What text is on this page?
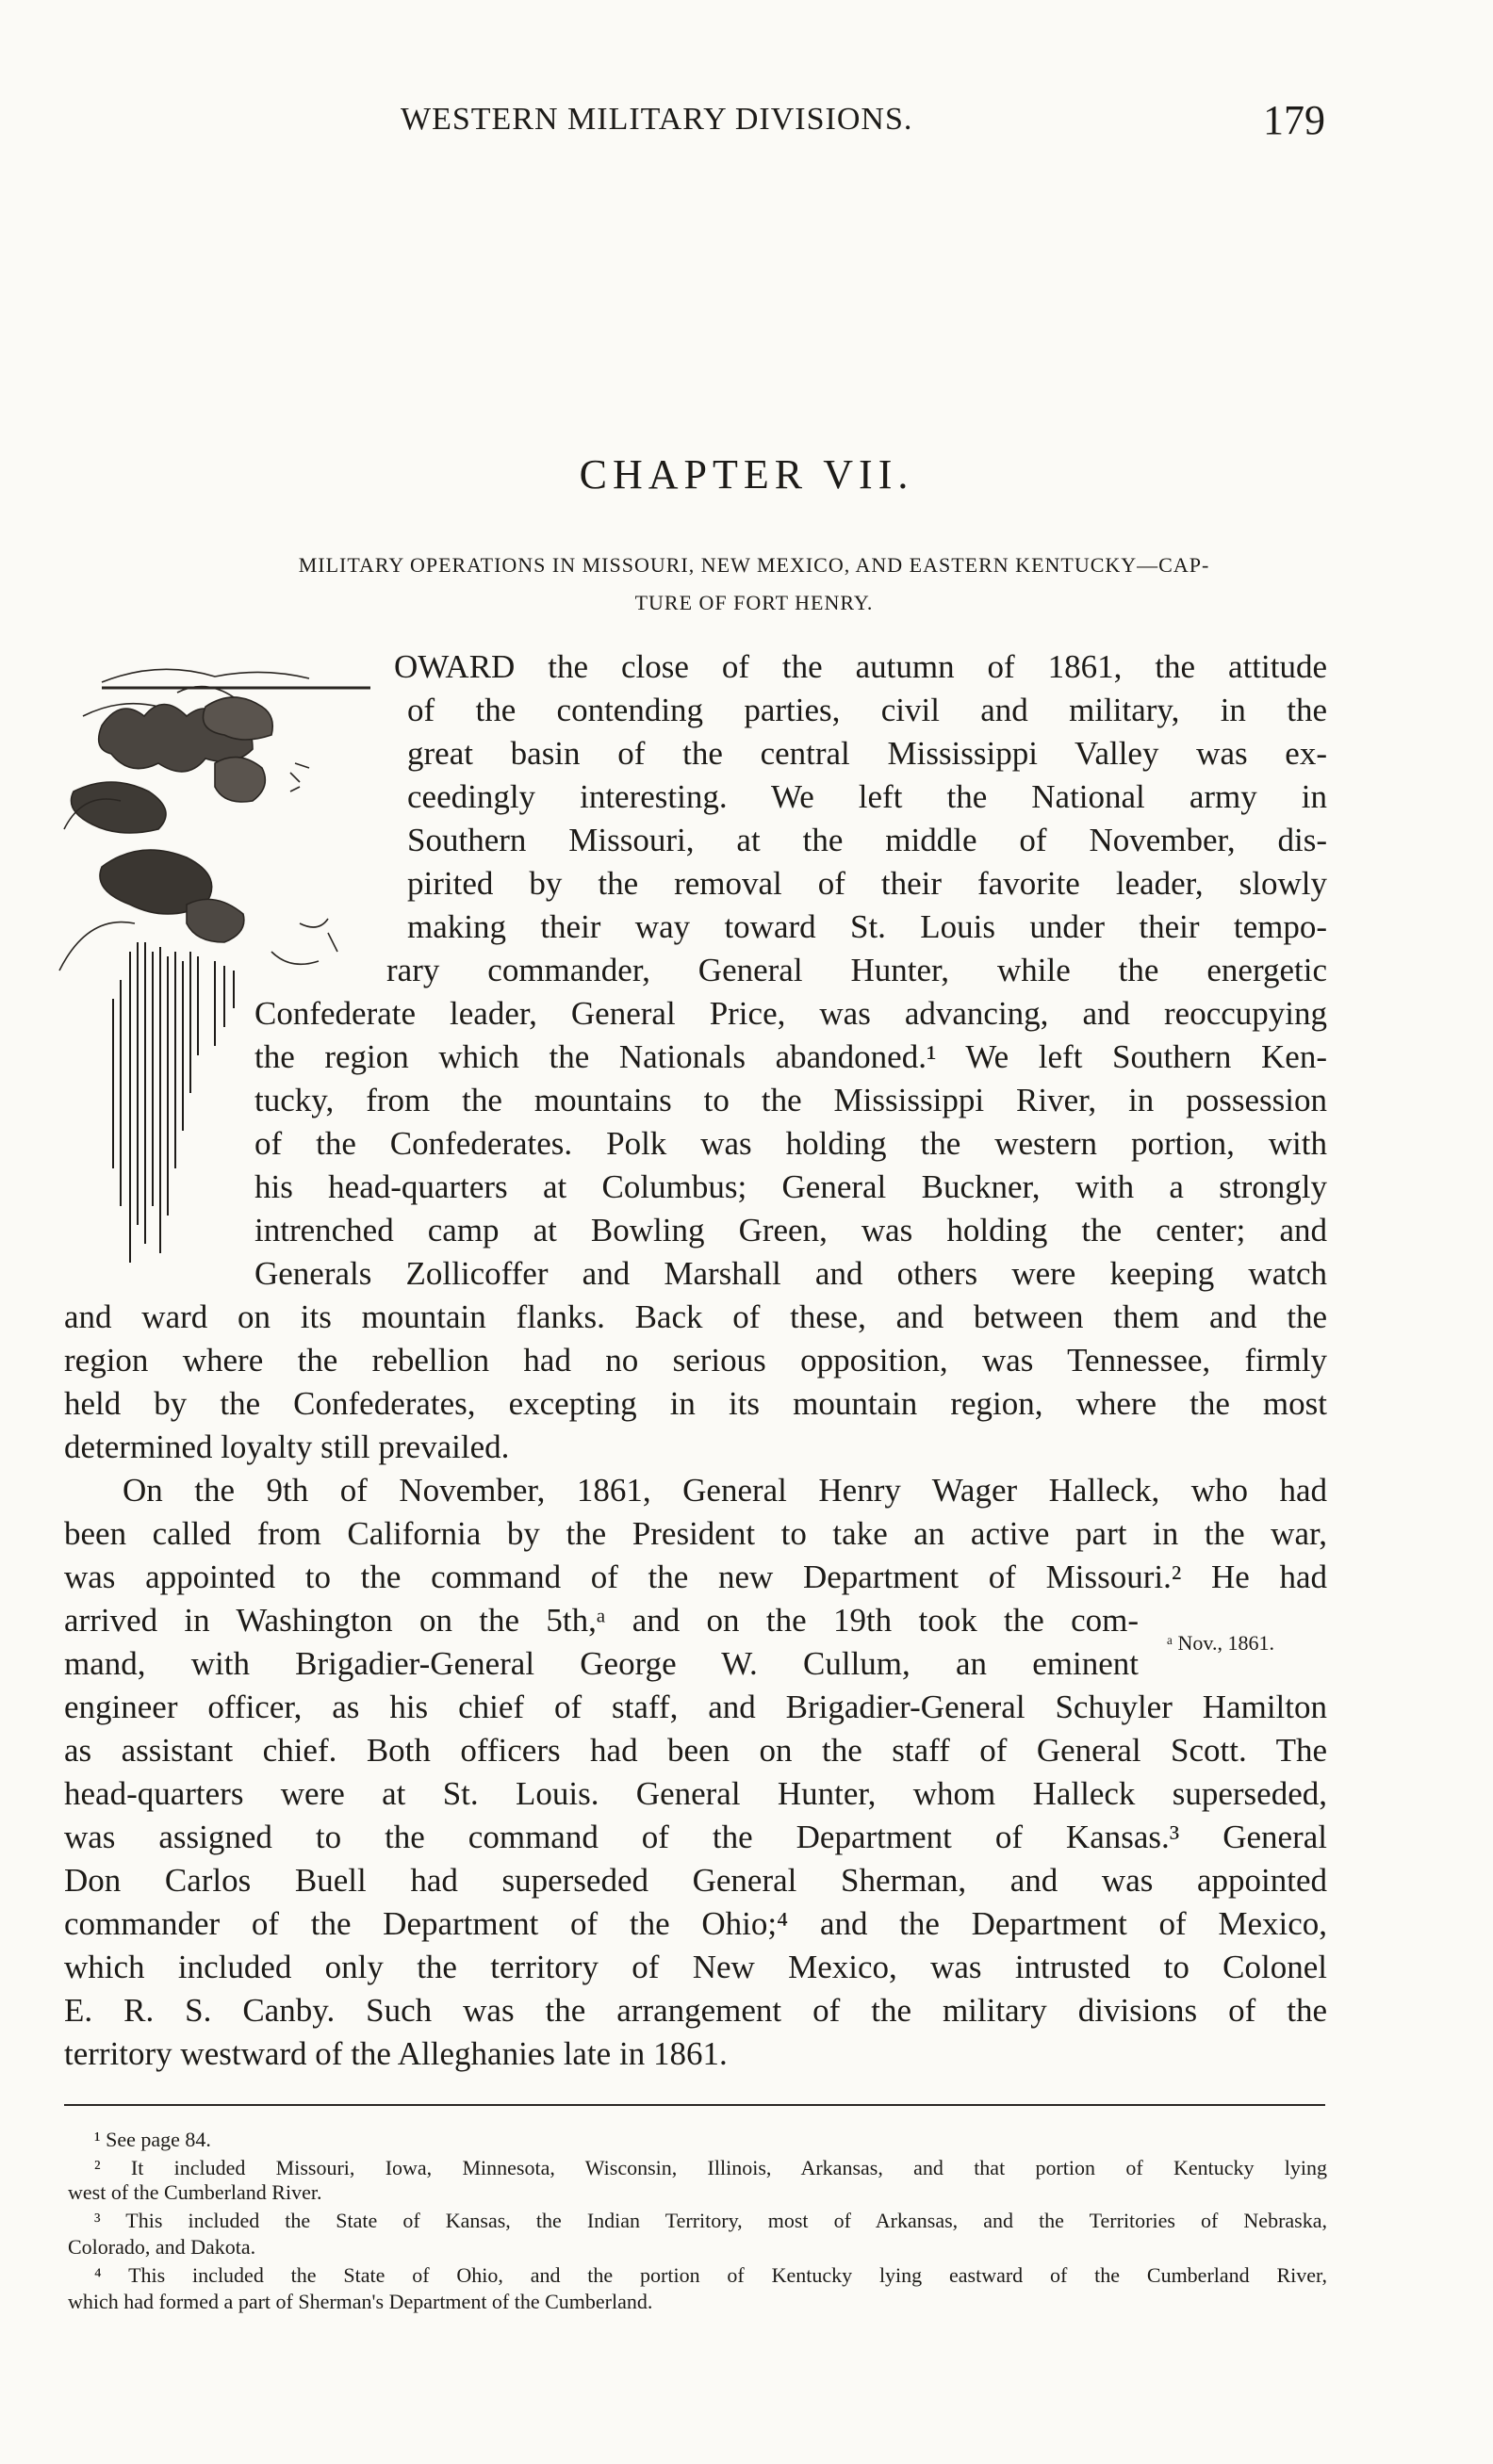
WESTERN MILITARY DIVISIONS.	179
CHAPTER VII.
MILITARY OPERATIONS IN MISSOURI, NEW MEXICO, AND EASTERN KENTUCKY—CAP-
TURE OF FORT HENRY.
OWARD the close of the autumn of 1861, the attitude
of the contending parties, civil and military, in the
great basin of the central Mississippi Valley was ex-
ceedingly interesting. We left the National army in
Southern Missouri, at the middle of November, dis-
pirited by the removal of their favorite leader, slowly
making their way toward St. Louis under their tempo-
rary commander, General Hunter, while the energetic
Confederate leader, General Price, was advancing, and reoccupying
the region which the Nationals abandoned.¹ We left Southern Ken-
tucky, from the mountains to the Mississippi River, in possession
of the Confederates. Polk was holding the western portion, with
his head-quarters at Columbus; General Buckner, with a strongly
intrenched camp at Bowling Green, was holding the center; and
Generals Zollicoffer and Marshall and others were keeping watch
and ward on its mountain flanks. Back of these, and between them and the
region where the rebellion had no serious opposition, was Tennessee, firmly
held by the Confederates, excepting in its mountain region, where the most
determined loyalty still prevailed.
On the 9th of November, 1861, General Henry Wager Halleck, who had
been called from California by the President to take an active part in the war,
was appointed to the command of the new Department of Missouri.² He had
arrived in Washington on the 5th,ᵃ and on the 19th took the com-
mand, with Brigadier-General George W. Cullum, an eminent
engineer officer, as his chief of staff, and Brigadier-General Schuyler Hamilton
as assistant chief. Both officers had been on the staff of General Scott. The
head-quarters were at St. Louis. General Hunter, whom Halleck superseded,
was assigned to the command of the Department of Kansas.³ General
Don Carlos Buell had superseded General Sherman, and was appointed
commander of the Department of the Ohio;⁴ and the Department of Mexico,
which included only the territory of New Mexico, was intrusted to Colonel
E. R. S. Canby. Such was the arrangement of the military divisions of the
territory westward of the Alleghanies late in 1861.
ᵃ Nov., 1861.
¹ See page 84.
² It included Missouri, Iowa, Minnesota, Wisconsin, Illinois, Arkansas, and that portion of Kentucky lying
west of the Cumberland River.
³ This included the State of Kansas, the Indian Territory, most of Arkansas, and the Territories of Nebraska,
Colorado, and Dakota.
⁴ This included the State of Ohio, and the portion of Kentucky lying eastward of the Cumberland River,
which had formed a part of Sherman's Department of the Cumberland.
